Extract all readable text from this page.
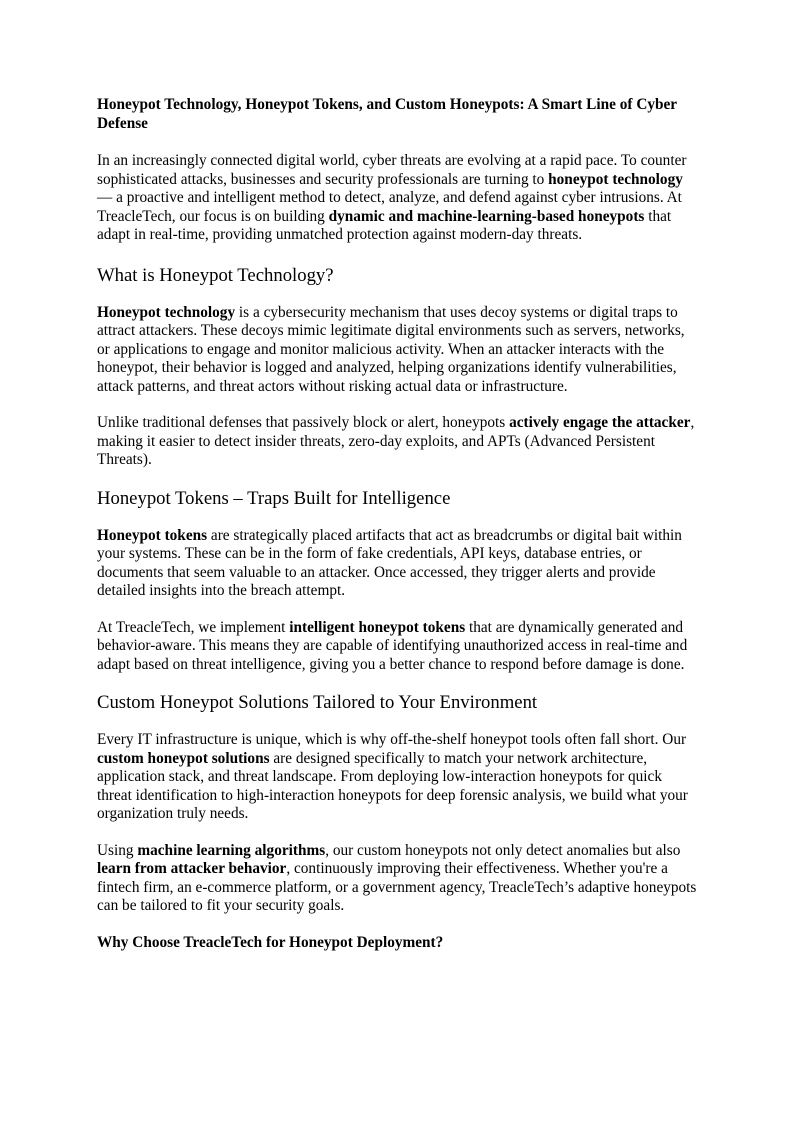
Honeypot Technology, Honeypot Tokens, and Custom Honeypots: A Smart Line of Cyber Defense

In an increasingly connected digital world, cyber threats are evolving at a rapid pace. To counter sophisticated attacks, businesses and security professionals are turning to honeypot technology — a proactive and intelligent method to detect, analyze, and defend against cyber intrusions. At TreacleTech, our focus is on building dynamic and machine-learning-based honeypots that adapt in real-time, providing unmatched protection against modern-day threats.

What is Honeypot Technology?

Honeypot technology is a cybersecurity mechanism that uses decoy systems or digital traps to attract attackers. These decoys mimic legitimate digital environments such as servers, networks, or applications to engage and monitor malicious activity. When an attacker interacts with the honeypot, their behavior is logged and analyzed, helping organizations identify vulnerabilities, attack patterns, and threat actors without risking actual data or infrastructure.

Unlike traditional defenses that passively block or alert, honeypots actively engage the attacker, making it easier to detect insider threats, zero-day exploits, and APTs (Advanced Persistent Threats).

Honeypot Tokens – Traps Built for Intelligence

Honeypot tokens are strategically placed artifacts that act as breadcrumbs or digital bait within your systems. These can be in the form of fake credentials, API keys, database entries, or documents that seem valuable to an attacker. Once accessed, they trigger alerts and provide detailed insights into the breach attempt.

At TreacleTech, we implement intelligent honeypot tokens that are dynamically generated and behavior-aware. This means they are capable of identifying unauthorized access in real-time and adapt based on threat intelligence, giving you a better chance to respond before damage is done.

Custom Honeypot Solutions Tailored to Your Environment

Every IT infrastructure is unique, which is why off-the-shelf honeypot tools often fall short. Our custom honeypot solutions are designed specifically to match your network architecture, application stack, and threat landscape. From deploying low-interaction honeypots for quick threat identification to high-interaction honeypots for deep forensic analysis, we build what your organization truly needs.

Using machine learning algorithms, our custom honeypots not only detect anomalies but also learn from attacker behavior, continuously improving their effectiveness. Whether you're a fintech firm, an e-commerce platform, or a government agency, TreacleTech’s adaptive honeypots can be tailored to fit your security goals.

Why Choose TreacleTech for Honeypot Deployment?
